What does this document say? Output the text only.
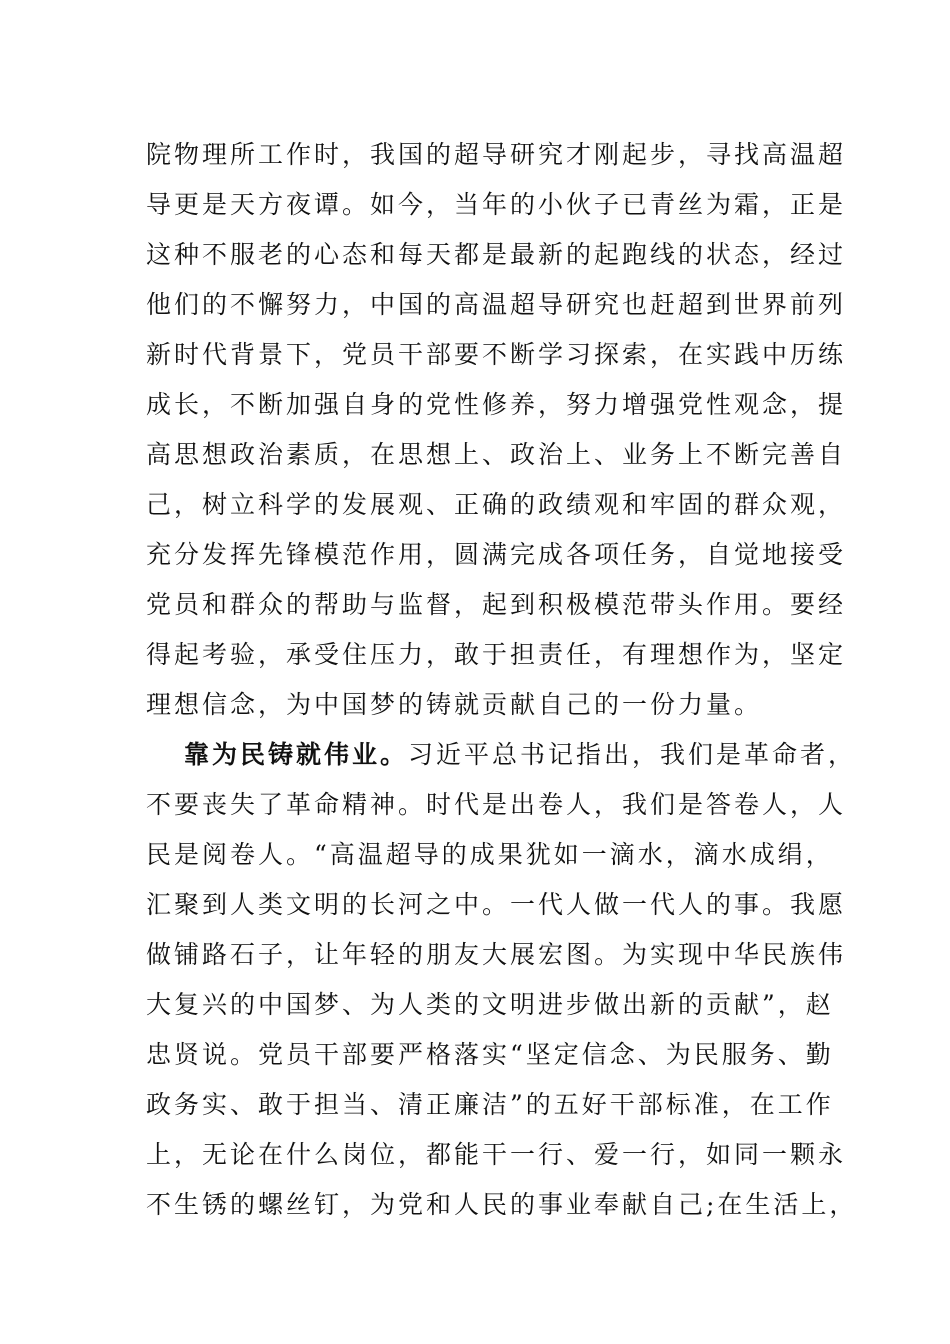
院物理所工作时，我国的超导研究才刚起步，寻找高温超
导更是天方夜谭。如今，当年的小伙子已青丝为霜，正是
这种不服老的心态和每天都是最新的起跑线的状态，经过
他们的不懈努力，中国的高温超导研究也赶超到世界前列
新时代背景下，党员干部要不断学习探索，在实践中历练
成长，不断加强自身的党性修养，努力增强党性观念，提
高思想政治素质，在思想上、政治上、业务上不断完善自
己，树立科学的发展观、正确的政绩观和牢固的群众观，
充分发挥先锋模范作用，圆满完成各项任务，自觉地接受
党员和群众的帮助与监督，起到积极模范带头作用。要经
得起考验，承受住压力，敢于担责任，有理想作为，坚定
理想信念，为中国梦的铸就贡献自己的一份力量。
靠为民铸就伟业。习近平总书记指出，我们是革命者，
不要丧失了革命精神。时代是出卷人，我们是答卷人，人
民是阅卷人。“高温超导的成果犹如一滴水，滴水成绢，
汇聚到人类文明的长河之中。一代人做一代人的事。我愿
做铺路石子，让年轻的朋友大展宏图。为实现中华民族伟
大复兴的中国梦、为人类的文明进步做出新的贡献”，赵
忠贤说。党员干部要严格落实“坚定信念、为民服务、勤
政务实、敢于担当、清正廉洁”的五好干部标准，在工作
上，无论在什么岗位，都能干一行、爱一行，如同一颗永
不生锈的螺丝钉，为党和人民的事业奉献自己;在生活上，
